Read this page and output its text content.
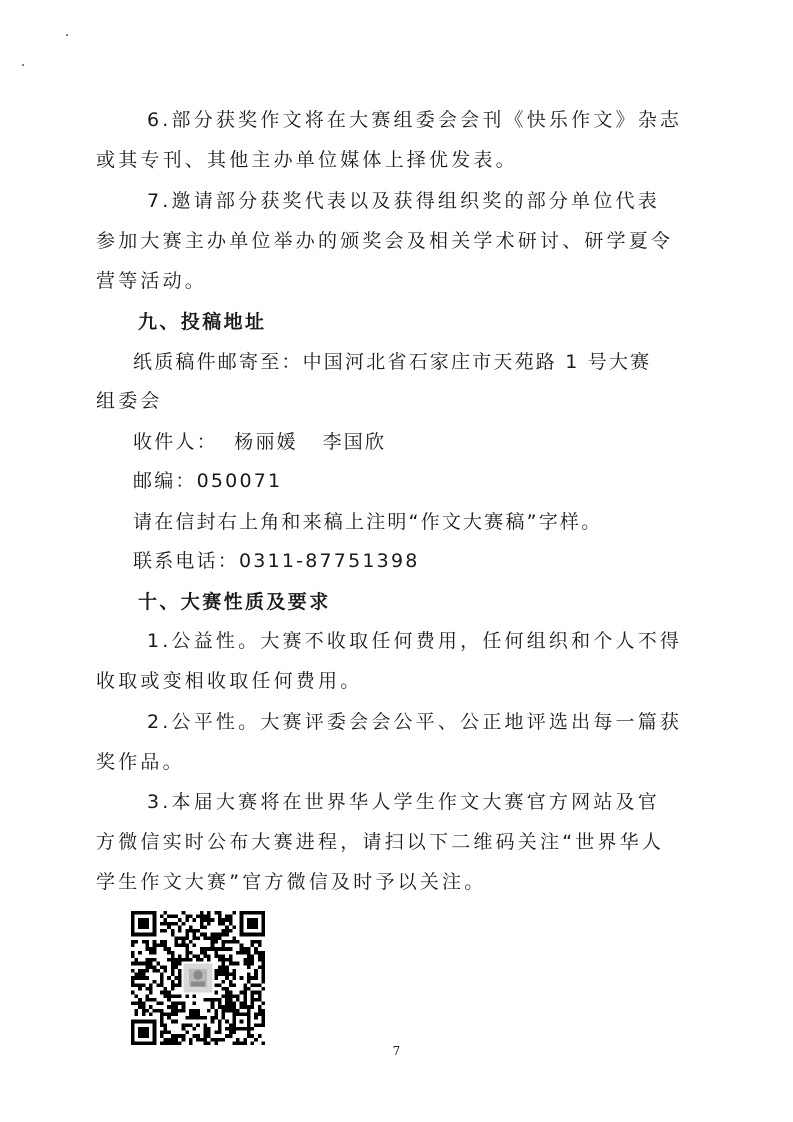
6.部分获奖作文将在大赛组委会会刊《快乐作文》杂志
或其专刊、其他主办单位媒体上择优发表。
7.邀请部分获奖代表以及获得组织奖的部分单位代表
参加大赛主办单位举办的颁奖会及相关学术研讨、研学夏令
营等活动。
九、投稿地址
纸质稿件邮寄至：中国河北省石家庄市天苑路 1 号大赛
组委会
收件人：  杨丽媛   李国欣
邮编：050071
请在信封右上角和来稿上注明“作文大赛稿”字样。
联系电话：0311-87751398
十、大赛性质及要求
1.公益性。大赛不收取任何费用，任何组织和个人不得
收取或变相收取任何费用。
2.公平性。大赛评委会会公平、公正地评选出每一篇获
奖作品。
3.本届大赛将在世界华人学生作文大赛官方网站及官
方微信实时公布大赛进程，请扫以下二维码关注“世界华人
学生作文大赛”官方微信及时予以关注。
7
